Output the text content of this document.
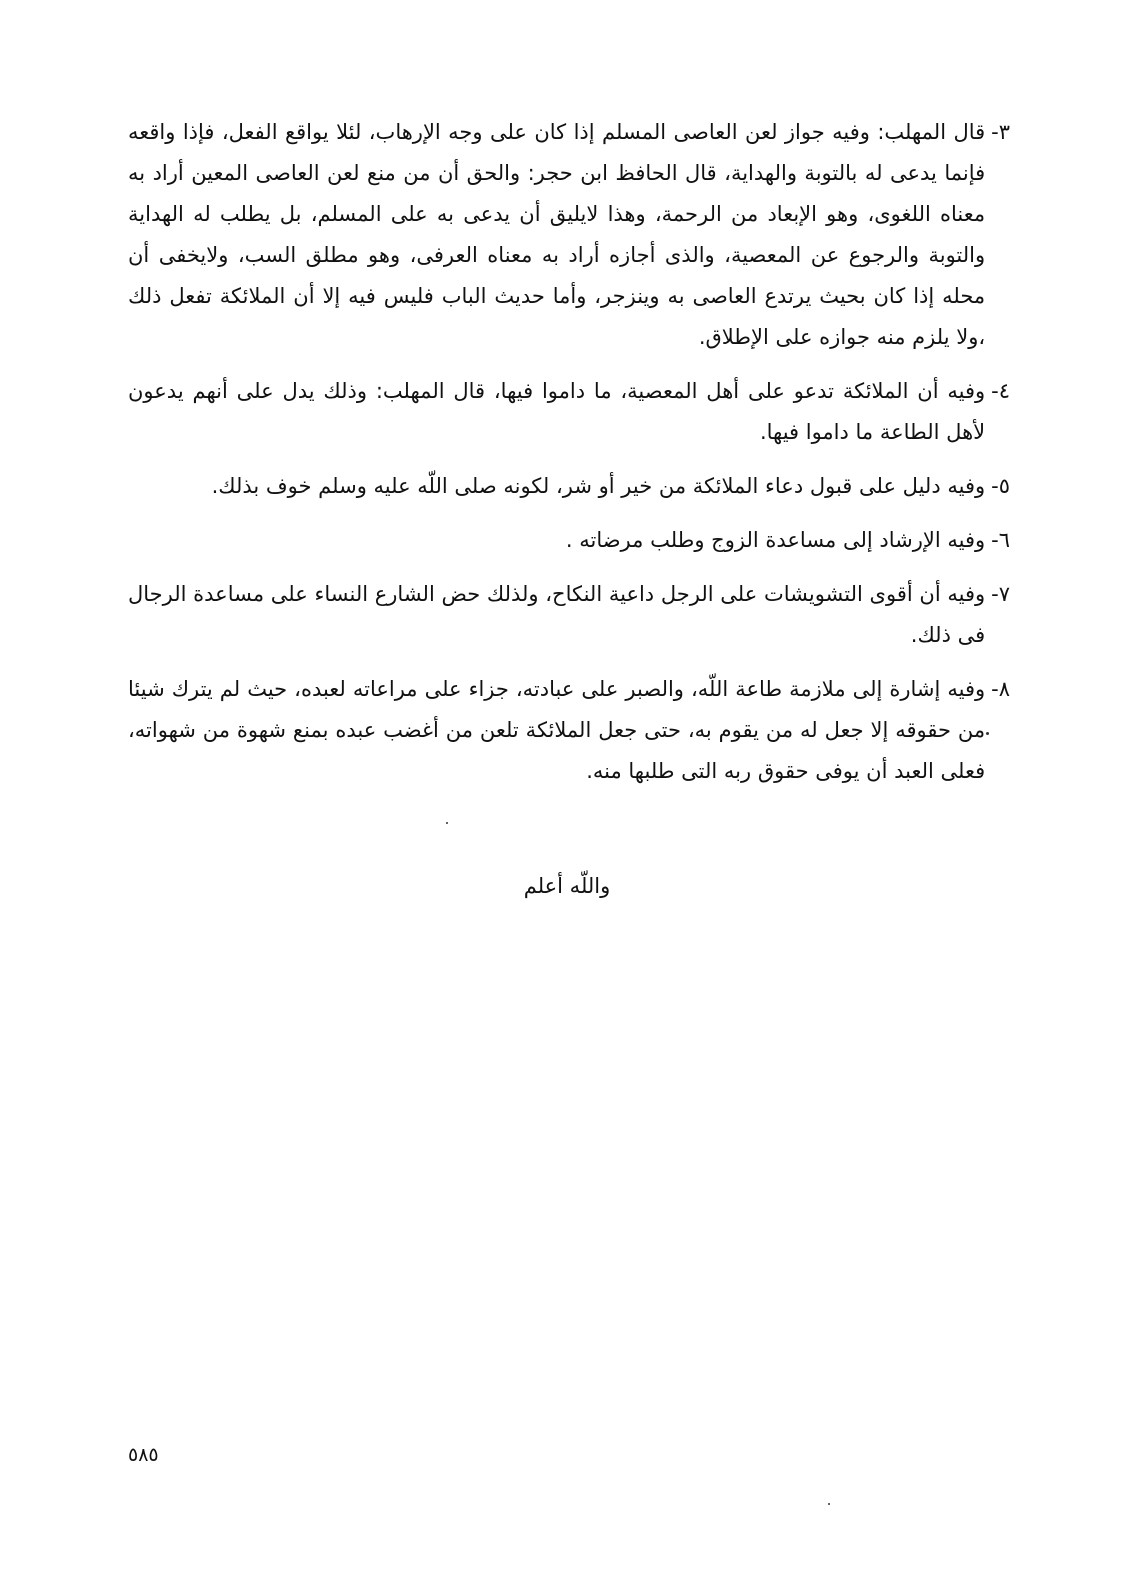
٣-
قال المهلب: وفيه جواز لعن العاصى المسلم إذا كان على وجه الإرهاب، لئلا يواقع الفعل، فإذا واقعه فإنما يدعى له بالتوبة والهداية، قال الحافظ ابن حجر: والحق أن من منع لعن العاصى المعين أراد به معناه اللغوى، وهو الإبعاد من الرحمة، وهذا لايليق أن يدعى به على المسلم، بل يطلب له الهداية والتوبة والرجوع عن المعصية، والذى أجازه أراد به معناه العرفى، وهو مطلق السب، ولايخفى أن محله إذا كان بحيث يرتدع العاصى به وينزجر، وأما حديث الباب فليس فيه إلا أن الملائكة تفعل ذلك ،ولا يلزم منه جوازه على الإطلاق.
٤-
وفيه أن الملائكة تدعو على أهل المعصية، ما داموا فيها، قال المهلب: وذلك يدل على أنهم يدعون لأهل الطاعة ما داموا فيها.
٥-
وفيه دليل على قبول دعاء الملائكة من خير أو شر، لكونه صلى اللّه عليه وسلم خوف بذلك.
٦-
وفيه الإرشاد إلى مساعدة الزوج وطلب مرضاته .
٧-
وفيه أن أقوى التشويشات على الرجل داعية النكاح، ولذلك حض الشارع النساء على مساعدة الرجال فى ذلك.
٨-
وفيه إشارة إلى ملازمة طاعة اللّه، والصبر على عبادته، جزاء على مراعاته لعبده، حيث لم يترك شيئا من حقوقه إلا جعل له من يقوم به، حتى جعل الملائكة تلعن من أغضب عبده بمنع شهوة من شهواته، فعلى العبد أن يوفى حقوق ربه التى طلبها منه.
واللّه أعلم
٥٨٥
